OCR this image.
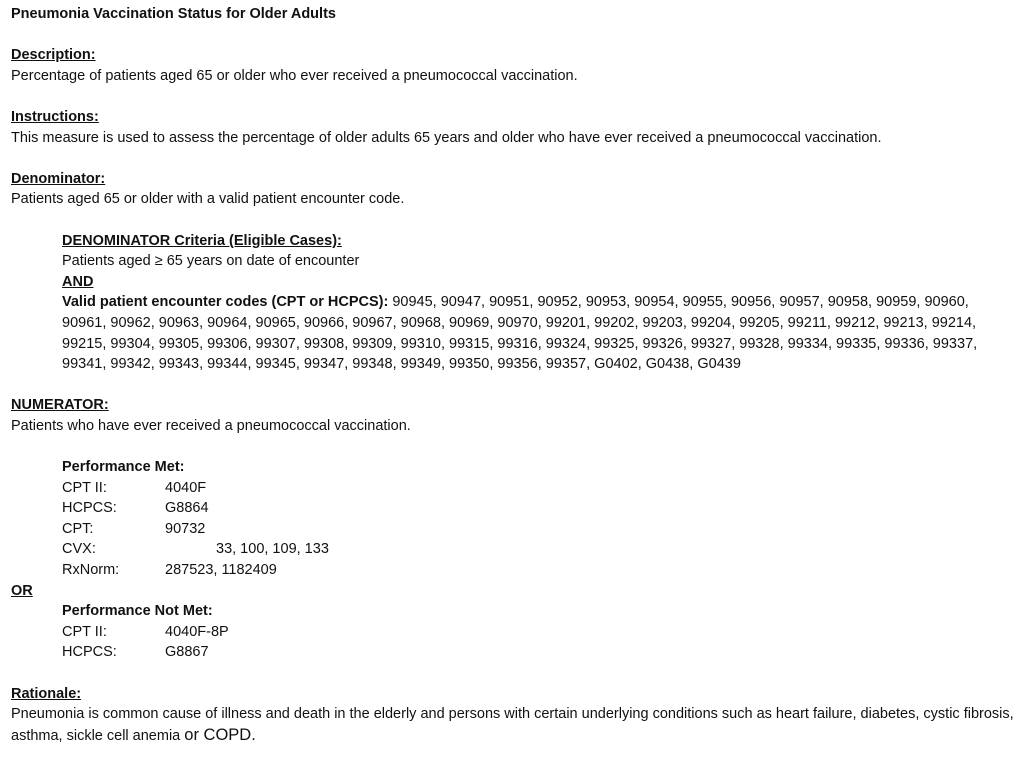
Pneumonia Vaccination Status for Older Adults
Description:
Percentage of patients aged 65 or older who ever received a pneumococcal vaccination.
Instructions:
This measure is used to assess the percentage of older adults 65 years and older who have ever received a pneumococcal vaccination.
Denominator:
Patients aged 65 or older with a valid patient encounter code.
DENOMINATOR Criteria (Eligible Cases):
Patients aged ≥ 65 years on date of encounter
AND
Valid patient encounter codes (CPT or HCPCS): 90945, 90947, 90951, 90952, 90953, 90954, 90955, 90956, 90957, 90958, 90959, 90960, 90961, 90962, 90963, 90964, 90965, 90966, 90967, 90968, 90969, 90970, 99201, 99202, 99203, 99204, 99205, 99211, 99212, 99213, 99214, 99215, 99304, 99305, 99306, 99307, 99308, 99309, 99310, 99315, 99316, 99324, 99325, 99326, 99327, 99328, 99334, 99335, 99336, 99337, 99341, 99342, 99343, 99344, 99345, 99347, 99348, 99349, 99350, 99356, 99357, G0402, G0438, G0439
NUMERATOR:
Patients who have ever received a pneumococcal vaccination.
Performance Met:
CPT II:	4040F
HCPCS:	G8864
CPT:	90732
CVX:	33, 100, 109, 133
RxNorm:	287523, 1182409
OR
Performance Not Met:
CPT II:	4040F-8P
HCPCS:	G8867
Rationale:
Pneumonia is common cause of illness and death in the elderly and persons with certain underlying conditions such as heart failure, diabetes, cystic fibrosis, asthma, sickle cell anemia or COPD.
